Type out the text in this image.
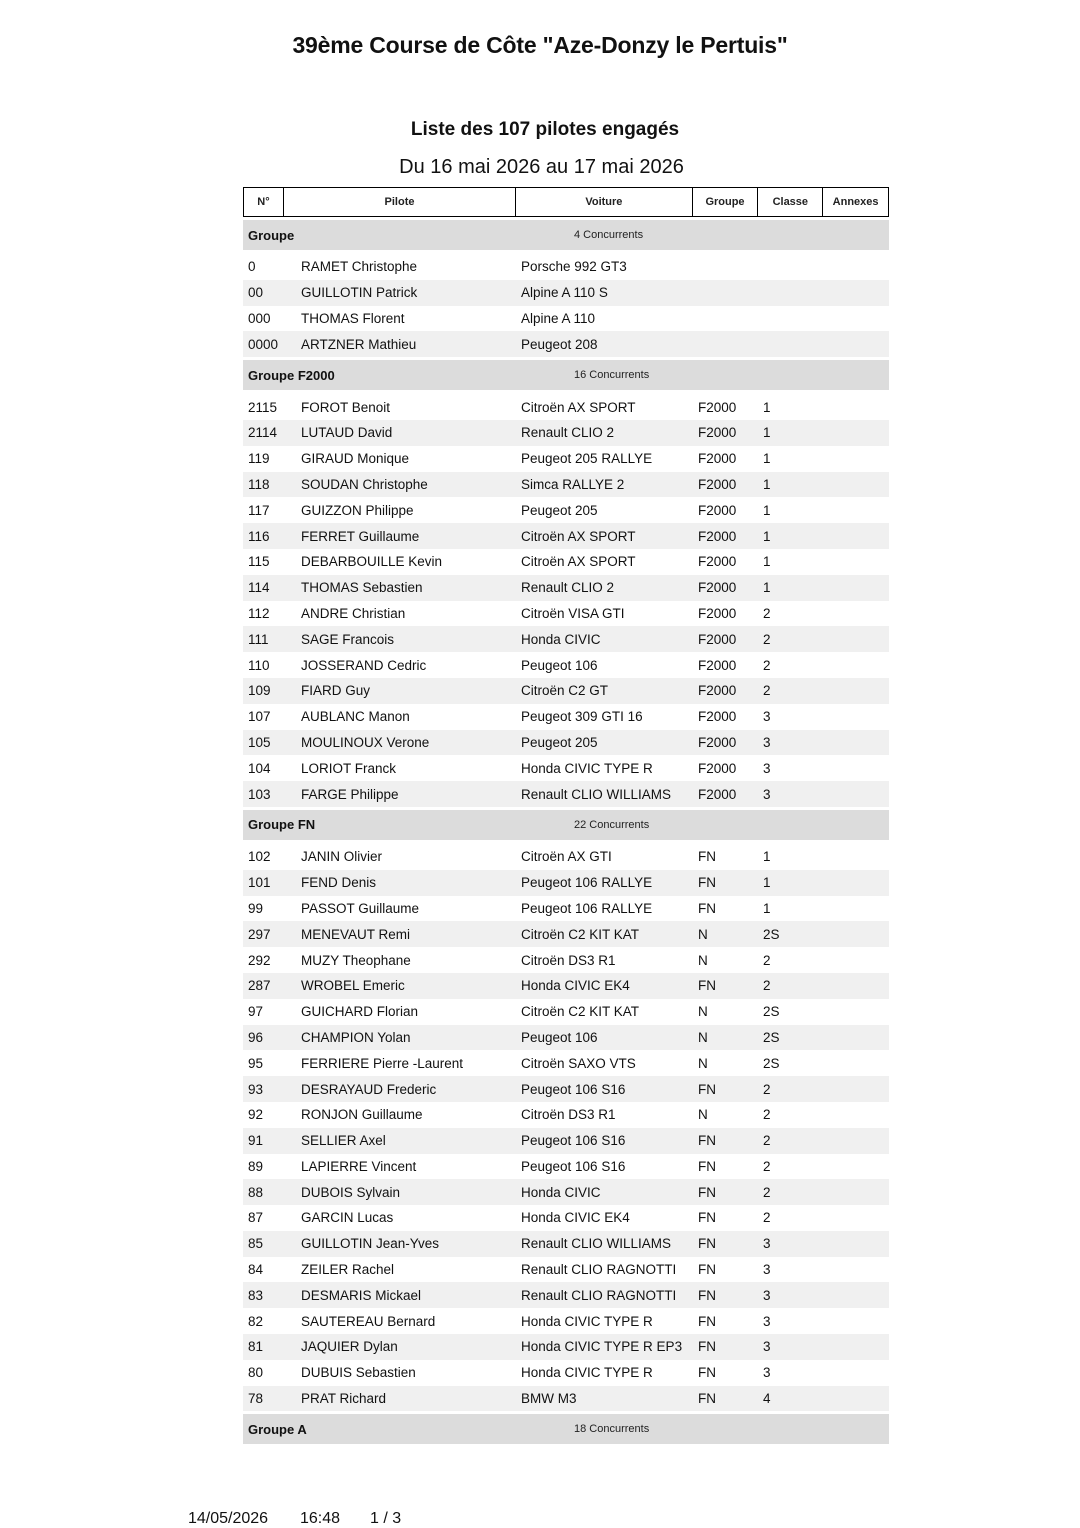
39ème Course de Côte "Aze-Donzy le Pertuis"
Liste des 107 pilotes engagés
Du 16 mai 2026 au 17 mai 2026
N°	Pilote	Voiture	Groupe	Classe	Annexes
Groupe	4 Concurrents
0	RAMET Christophe	Porsche 992 GT3
00	GUILLOTIN Patrick	Alpine A 110 S
000	THOMAS Florent	Alpine A 110
0000	ARTZNER Mathieu	Peugeot 208
Groupe F2000	16 Concurrents
2115	FOROT Benoit	Citroën AX SPORT	F2000	1
2114	LUTAUD David	Renault CLIO 2	F2000	1
119	GIRAUD Monique	Peugeot 205 RALLYE	F2000	1
118	SOUDAN Christophe	Simca RALLYE 2	F2000	1
117	GUIZZON Philippe	Peugeot 205	F2000	1
116	FERRET Guillaume	Citroën AX SPORT	F2000	1
115	DEBARBOUILLE Kevin	Citroën AX SPORT	F2000	1
114	THOMAS Sebastien	Renault CLIO 2	F2000	1
112	ANDRE Christian	Citroën VISA GTI	F2000	2
111	SAGE Francois	Honda CIVIC	F2000	2
110	JOSSERAND Cedric	Peugeot 106	F2000	2
109	FIARD Guy	Citroën C2 GT	F2000	2
107	AUBLANC Manon	Peugeot 309 GTI 16	F2000	3
105	MOULINOUX Verone	Peugeot 205	F2000	3
104	LORIOT Franck	Honda CIVIC TYPE R	F2000	3
103	FARGE Philippe	Renault CLIO WILLIAMS	F2000	3
Groupe FN	22 Concurrents
102	JANIN Olivier	Citroën AX GTI	FN	1
101	FEND Denis	Peugeot 106 RALLYE	FN	1
99	PASSOT Guillaume	Peugeot 106 RALLYE	FN	1
297	MENEVAUT Remi	Citroën C2 KIT KAT	N	2S
292	MUZY Theophane	Citroën DS3 R1	N	2
287	WROBEL Emeric	Honda CIVIC EK4	FN	2
97	GUICHARD Florian	Citroën C2 KIT KAT	N	2S
96	CHAMPION Yolan	Peugeot 106	N	2S
95	FERRIERE Pierre -Laurent	Citroën SAXO VTS	N	2S
93	DESRAYAUD Frederic	Peugeot 106 S16	FN	2
92	RONJON Guillaume	Citroën DS3 R1	N	2
91	SELLIER Axel	Peugeot 106 S16	FN	2
89	LAPIERRE Vincent	Peugeot 106 S16	FN	2
88	DUBOIS Sylvain	Honda CIVIC	FN	2
87	GARCIN Lucas	Honda CIVIC EK4	FN	2
85	GUILLOTIN Jean-Yves	Renault CLIO WILLIAMS	FN	3
84	ZEILER Rachel	Renault CLIO RAGNOTTI	FN	3
83	DESMARIS Mickael	Renault CLIO RAGNOTTI	FN	3
82	SAUTEREAU Bernard	Honda CIVIC TYPE R	FN	3
81	JAQUIER Dylan	Honda CIVIC TYPE R EP3	FN	3
80	DUBUIS Sebastien	Honda CIVIC TYPE R	FN	3
78	PRAT Richard	BMW M3	FN	4
Groupe A	18 Concurrents
14/05/2026 16:48 1 / 3
